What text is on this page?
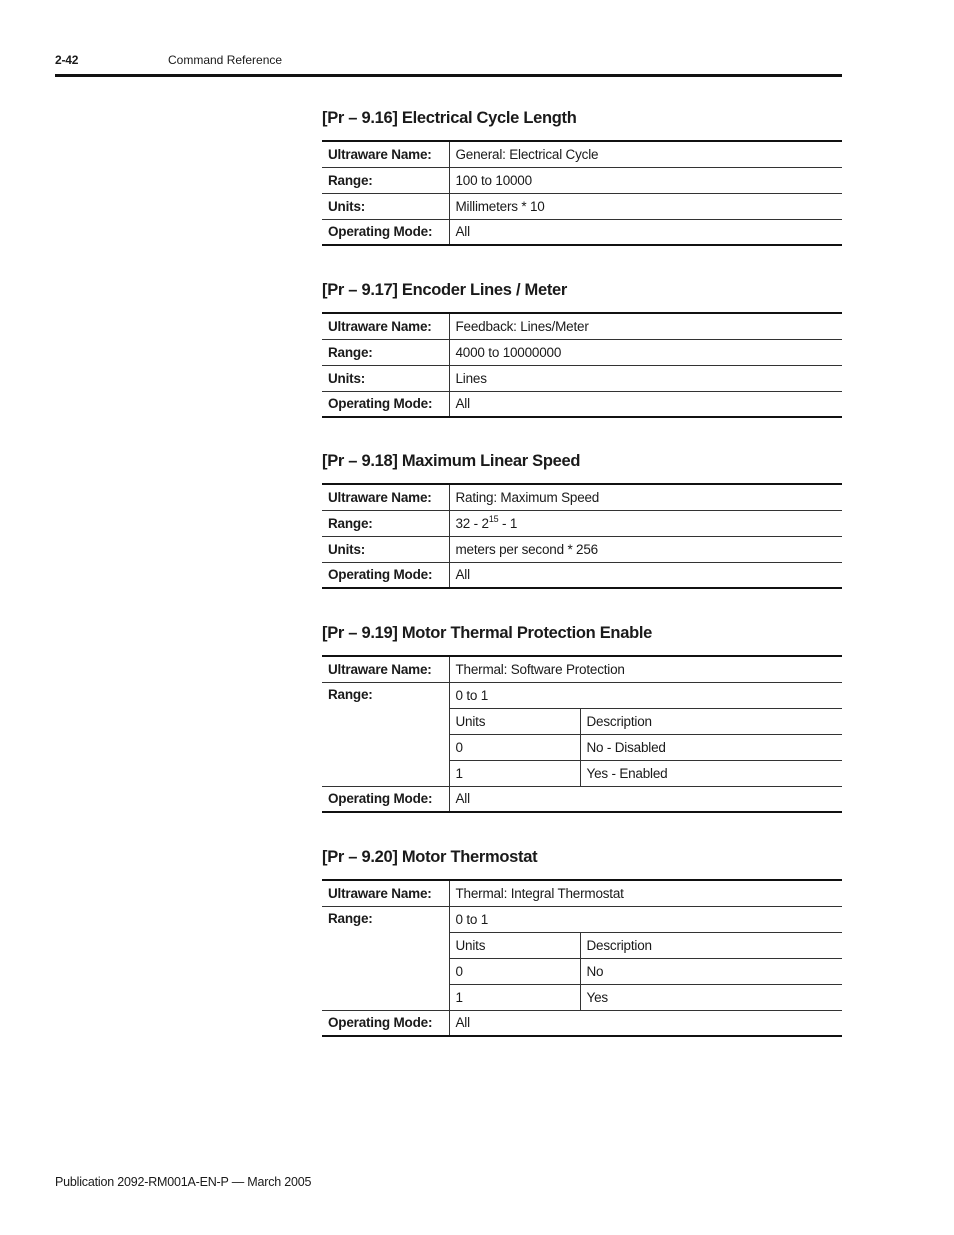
2-42	Command Reference
[Pr – 9.16] Electrical Cycle Length
Ultraware Name:	General: Electrical Cycle
Range:	100 to 10000
Units:	Millimeters * 10
Operating Mode:	All
[Pr – 9.17] Encoder Lines / Meter
Ultraware Name:	Feedback: Lines/Meter
Range:	4000 to 10000000
Units:	Lines
Operating Mode:	All
[Pr – 9.18] Maximum Linear Speed
Ultraware Name:	Rating: Maximum Speed
Range:	$32 - 2^{15} - 1$
Units:	meters per second * 256
Operating Mode:	All
[Pr – 9.19] Motor Thermal Protection Enable
Ultraware Name:	Thermal: Software Protection	
Range:	0 to 1	
	Units	Description
	0	No - Disabled
	1	Yes - Enabled
Operating Mode:	All	
[Pr – 9.20] Motor Thermostat
Ultraware Name:	Thermal: Integral Thermostat	
Range:	0 to 1	
	Units	Description
	0	No
	1	Yes
Operating Mode:	All	
Publication 2092-RM001A-EN-P — March 2005
